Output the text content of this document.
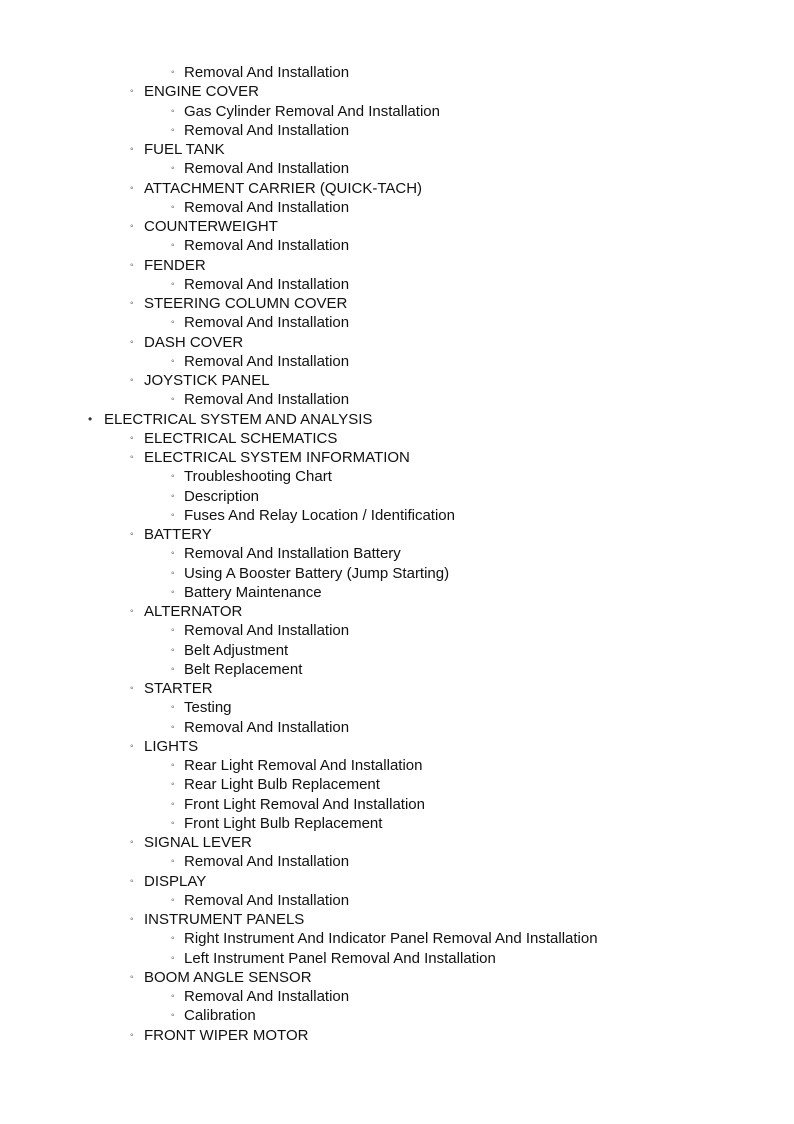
◦ Removal And Installation
◦ ENGINE COVER
◦ Gas Cylinder Removal And Installation
◦ Removal And Installation
◦ FUEL TANK
◦ Removal And Installation
◦ ATTACHMENT CARRIER (QUICK-TACH)
◦ Removal And Installation
◦ COUNTERWEIGHT
◦ Removal And Installation
◦ FENDER
◦ Removal And Installation
◦ STEERING COLUMN COVER
◦ Removal And Installation
◦ DASH COVER
◦ Removal And Installation
◦ JOYSTICK PANEL
◦ Removal And Installation
• ELECTRICAL SYSTEM AND ANALYSIS
◦ ELECTRICAL SCHEMATICS
◦ ELECTRICAL SYSTEM INFORMATION
◦ Troubleshooting Chart
◦ Description
◦ Fuses And Relay Location / Identification
◦ BATTERY
◦ Removal And Installation Battery
◦ Using A Booster Battery (Jump Starting)
◦ Battery Maintenance
◦ ALTERNATOR
◦ Removal And Installation
◦ Belt Adjustment
◦ Belt Replacement
◦ STARTER
◦ Testing
◦ Removal And Installation
◦ LIGHTS
◦ Rear Light Removal And Installation
◦ Rear Light Bulb Replacement
◦ Front Light Removal And Installation
◦ Front Light Bulb Replacement
◦ SIGNAL LEVER
◦ Removal And Installation
◦ DISPLAY
◦ Removal And Installation
◦ INSTRUMENT PANELS
◦ Right Instrument And Indicator Panel Removal And Installation
◦ Left Instrument Panel Removal And Installation
◦ BOOM ANGLE SENSOR
◦ Removal And Installation
◦ Calibration
◦ FRONT WIPER MOTOR
